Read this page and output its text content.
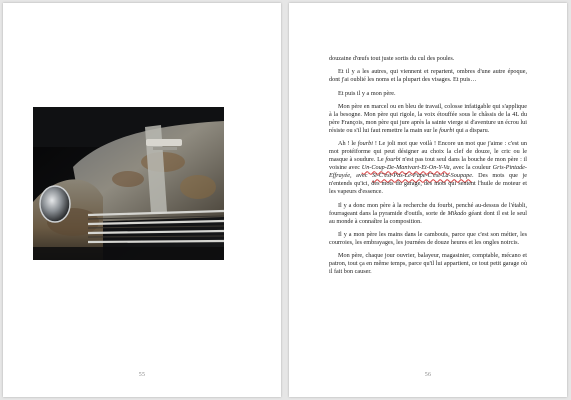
55

douzaine d'œufs tout juste sortis du cul des poules.

Et il y a les autres, qui viennent et repartent, ombres d'une autre époque, dont j'ai oublié les noms et la plupart des visages. Et puis…

Et puis il y a mon père.

Mon père en marcel ou en bleu de travail, colosse infatigable qui s'applique à la besogne. Mon père qui rigole, la voix étouffée sous le châssis de la 4L du père François, mon père qui jure après la sainte vierge si d'aventure un écrou lui résiste ou s'il lui faut remettre la main sur le fourbi qui a disparu.

Ah ! le fourbi ! Le joli mot que voilà ! Encore un mot que j'aime : c'est un mot protéiforme qui peut désigner au choix la clef de douze, le cric ou le masque à soudure. Le fourbi n'est pas tout seul dans la bouche de mon père : il voisine avec Un-Coup-De-Manivart-Et-On-Y-Va, avec la couleur Gris-Pintade-Effrayée, avec Si-C'est-Pas-Le-Pape-C'est-La-Soupape. Des mots que je n'entends qu'ici, des mots du garage, des mots qui sentent l'huile de moteur et les vapeurs d'essence.

Il y a donc mon père à la recherche du fourbi, penché au-dessus de l'établi, fourrageant dans la pyramide d'outils, sorte de Mikado géant dont il est le seul au monde à connaître la composition.

Il y a mon père les mains dans le cambouis, parce que c'est son métier, les courroies, les embrayages, les journées de douze heures et les ongles noircis.

Mon père, chaque jour ouvrier, balayeur, magasinier, comptable, mécano et patron, tout ça en même temps, parce qu'il lui appartient, ce tout petit garage où il fait bon causer.

56
